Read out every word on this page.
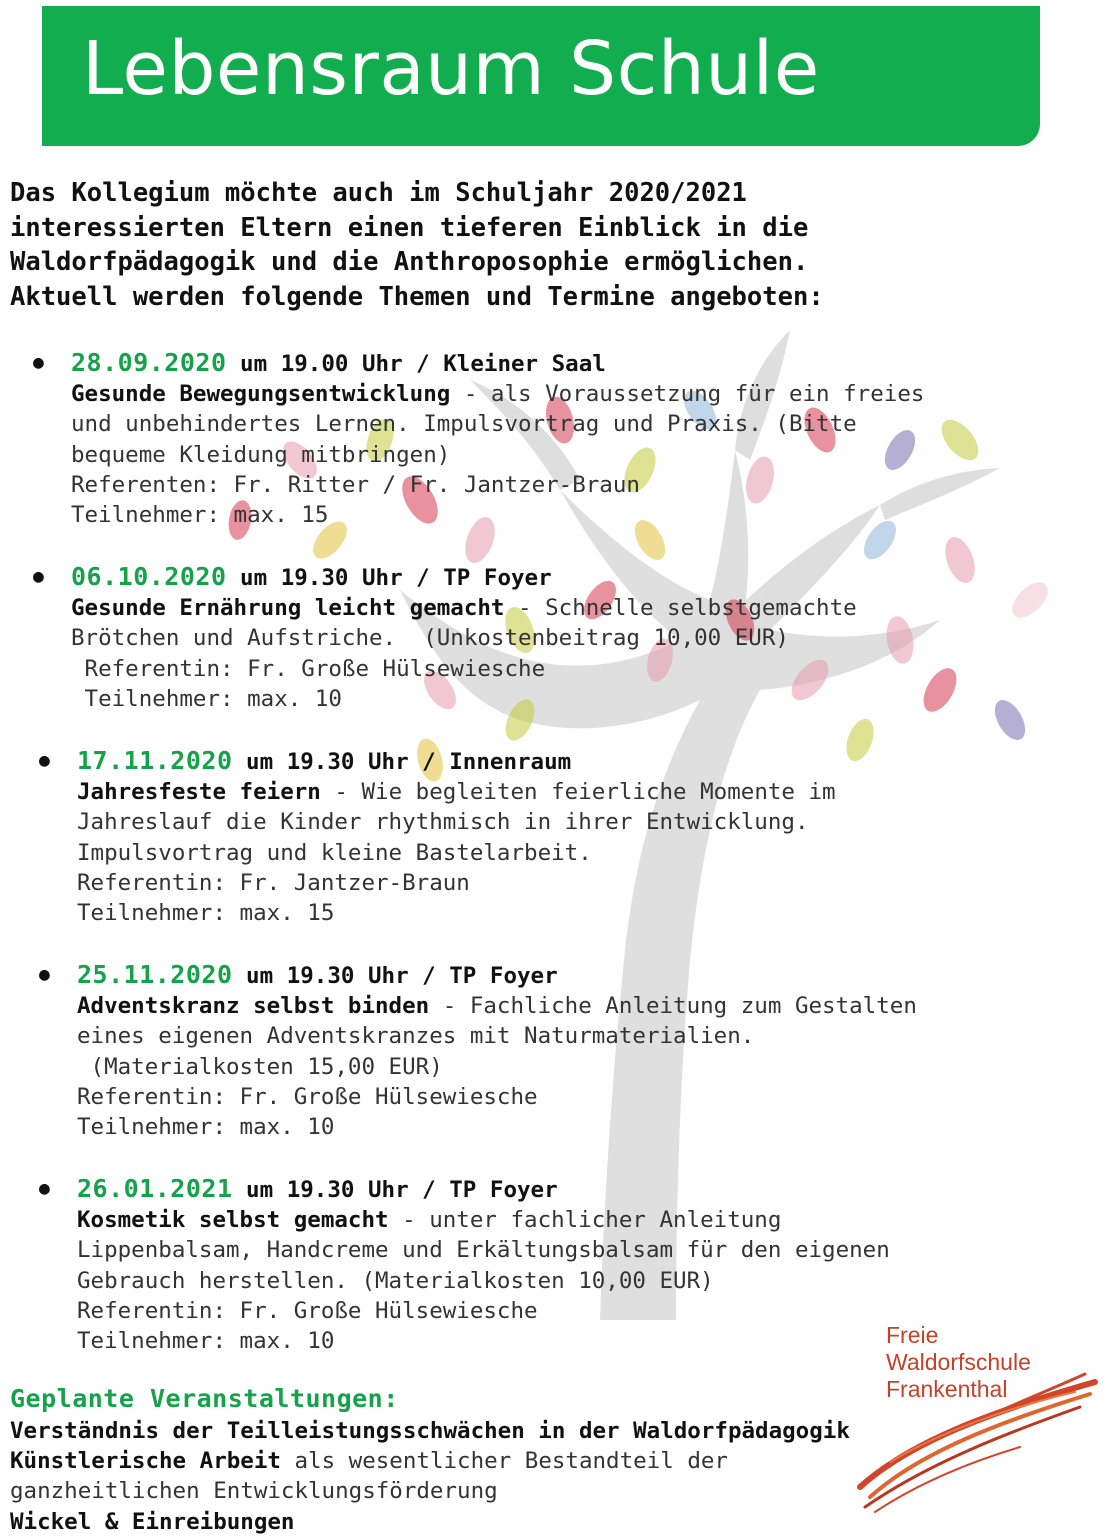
Lebensraum Schule

Das Kollegium möchte auch im Schuljahr 2020/2021
interessierten Eltern einen tieferen Einblick in die
Waldorfpädagogik und die Anthroposophie ermöglichen.
Aktuell werden folgende Themen und Termine angeboten:

● 28.09.2020 um 19.00 Uhr / Kleiner Saal
Gesunde Bewegungsentwicklung - als Voraussetzung für ein freies
und unbehindertes Lernen. Impulsvortrag und Praxis. (Bitte
bequeme Kleidung mitbringen)
Referenten: Fr. Ritter / Fr. Jantzer-Braun
Teilnehmer: max. 15
● 06.10.2020 um 19.30 Uhr / TP Foyer
Gesunde Ernährung leicht gemacht - Schnelle selbstgemachte
Brötchen und Aufstriche.  (Unkostenbeitrag 10,00 EUR)
Referentin: Fr. Große Hülsewiesche
Teilnehmer: max. 10
● 17.11.2020 um 19.30 Uhr / Innenraum
Jahresfeste feiern - Wie begleiten feierliche Momente im
Jahreslauf die Kinder rhythmisch in ihrer Entwicklung.
Impulsvortrag und kleine Bastelarbeit.
Referentin: Fr. Jantzer-Braun
Teilnehmer: max. 15
● 25.11.2020 um 19.30 Uhr / TP Foyer
Adventskranz selbst binden - Fachliche Anleitung zum Gestalten
eines eigenen Adventskranzes mit Naturmaterialien.
(Materialkosten 15,00 EUR)
Referentin: Fr. Große Hülsewiesche
Teilnehmer: max. 10
● 26.01.2021 um 19.30 Uhr / TP Foyer
Kosmetik selbst gemacht - unter fachlicher Anleitung
Lippenbalsam, Handcreme und Erkältungsbalsam für den eigenen
Gebrauch herstellen. (Materialkosten 10,00 EUR)
Referentin: Fr. Große Hülsewiesche
Teilnehmer: max. 10
Geplante Veranstaltungen:
Verständnis der Teilleistungsschwächen in der Waldorfpädagogik
Künstlerische Arbeit als wesentlicher Bestandteil der
ganzheitlichen Entwicklungsförderung
Wickel & Einreibungen
Freie
Waldorfschule
Frankenthal
